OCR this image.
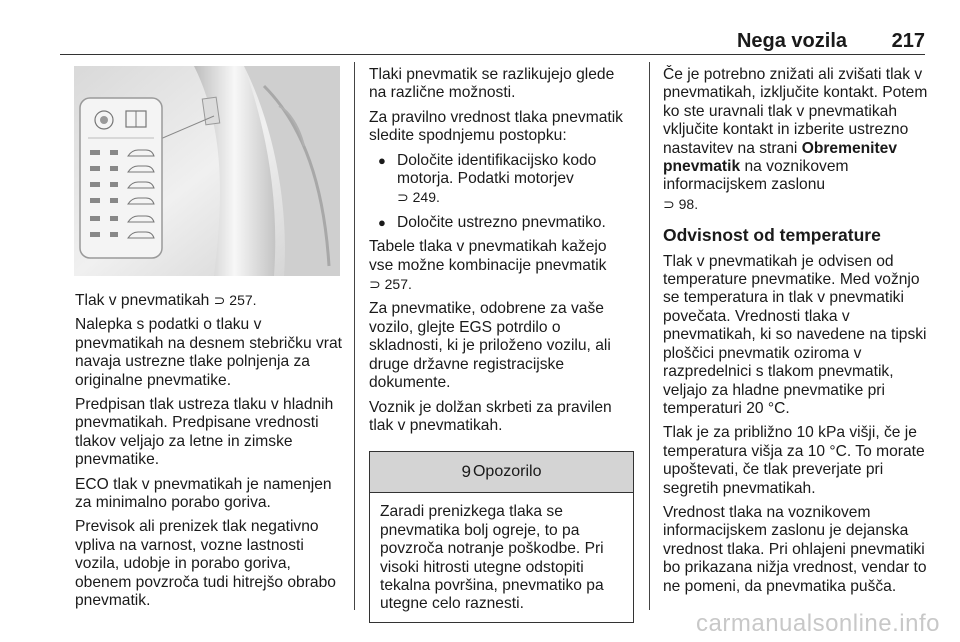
Nega vozila 217

Tlak v pnevmatikah ⊃ 257.

Nalepka s podatki o tlaku v pnevmatikah na desnem stebričku vrat navaja ustrezne tlake polnjenja za originalne pnevmatike.

Predpisan tlak ustreza tlaku v hladnih pnevmatikah. Predpisane vrednosti tlakov veljajo za letne in zimske pnevmatike.

ECO tlak v pnevmatikah je namenjen za minimalno porabo goriva.

Previsok ali prenizek tlak negativno vpliva na varnost, vozne lastnosti vozila, udobje in porabo goriva, obenem povzroča tudi hitrejšo obrabo pnevmatik.

Tlaki pnevmatik se razlikujejo glede na različne možnosti.

Za pravilno vrednost tlaka pnevmatik sledite spodnjemu postopku:

● Določite identifikacijsko kodo motorja. Podatki motorjev
⊃ 249.
● Določite ustrezno pnevmatiko.

Tabele tlaka v pnevmatikah kažejo vse možne kombinacije pnevmatik
⊃ 257.

Za pnevmatike, odobrene za vaše vozilo, glejte EGS potrdilo o skladnosti, ki je priloženo vozilu, ali druge državne registracijske dokumente.

Voznik je dolžan skrbeti za pravilen tlak v pnevmatikah.

9 Opozorilo
Zaradi prenizkega tlaka se pnevmatika bolj ogreje, to pa povzroča notranje poškodbe. Pri visoki hitrosti utegne odstopiti tekalna površina, pnevmatiko pa utegne celo raznesti.

Če je potrebno znižati ali zvišati tlak v pnevmatikah, izključite kontakt. Potem ko ste uravnali tlak v pnevmatikah vključite kontakt in izberite ustrezno nastavitev na strani Obremenitev pnevmatik na voznikovem informacijskem zaslonu
⊃ 98.

Odvisnost od temperature

Tlak v pnevmatikah je odvisen od temperature pnevmatike. Med vožnjo se temperatura in tlak v pnevmatiki povečata. Vrednosti tlaka v pnevmatikah, ki so navedene na tipski ploščici pnevmatik oziroma v razpredelnici s tlakom pnevmatik, veljajo za hladne pnevmatike pri temperaturi 20 °C.

Tlak je za približno 10 kPa višji, če je temperatura višja za 10 °C. To morate upoštevati, če tlak preverjate pri segretih pnevmatikah.

Vrednost tlaka na voznikovem informacijskem zaslonu je dejanska vrednost tlaka. Pri ohlajeni pnevmatiki bo prikazana nižja vrednost, vendar to ne pomeni, da pnevmatika pušča.

carmanualsonline.info
